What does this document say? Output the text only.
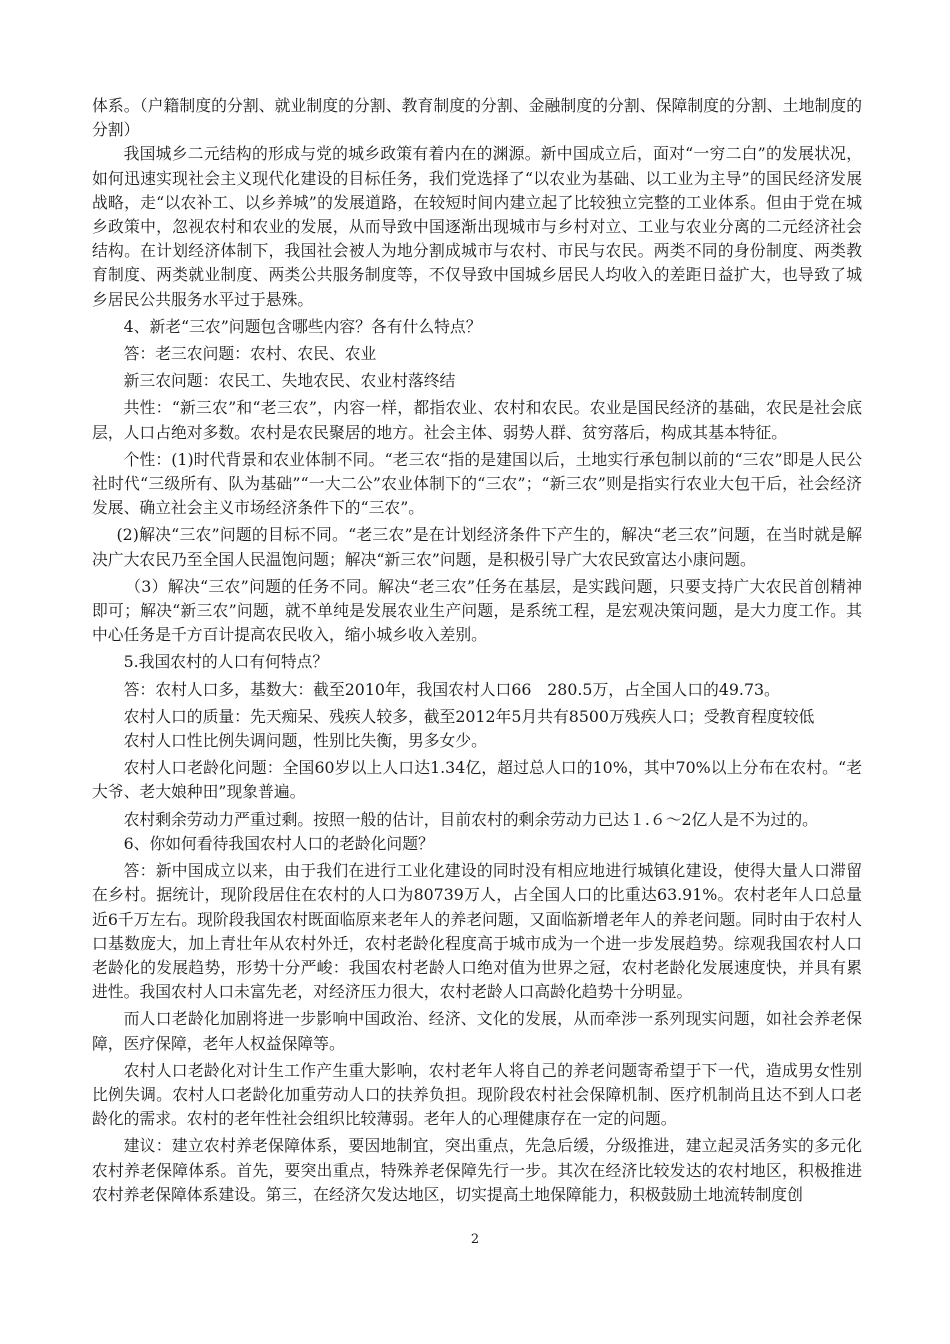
体系。（户籍制度的分割、就业制度的分割、教育制度的分割、金融制度的分割、保障制度的分割、土地制度的分割）

我国城乡二元结构的形成与党的城乡政策有着内在的渊源。新中国成立后，面对“一穷二白”的发展状况，如何迅速实现社会主义现代化建设的目标任务，我们党选择了“以农业为基础、以工业为主导”的国民经济发展战略，走“以农补工、以乡养城”的发展道路，在较短时间内建立起了比较独立完整的工业体系。但由于党在城乡政策中，忽视农村和农业的发展，从而导致中国逐渐出现城市与乡村对立、工业与农业分离的二元经济社会结构。在计划经济体制下，我国社会被人为地分割成城市与农村、市民与农民。两类不同的身份制度、两类教育制度、两类就业制度、两类公共服务制度等，不仅导致中国城乡居民人均收入的差距日益扩大，也导致了城乡居民公共服务水平过于悬殊。

4、新老“三农”问题包含哪些内容？各有什么特点？

答：老三农问题：农村、农民、农业

新三农问题：农民工、失地农民、农业村落终结

共性：“新三农”和“老三农”，内容一样，都指农业、农村和农民。农业是国民经济的基础，农民是社会底层，人口占绝对多数。农村是农民聚居的地方。社会主体、弱势人群、贫穷落后，构成其基本特征。

个性：(1)时代背景和农业体制不同。“老三农“指的是建国以后，土地实行承包制以前的“三农”即是人民公社时代“三级所有、队为基础”“一大二公”农业体制下的“三农”；“新三农”则是指实行农业大包干后，社会经济发展、确立社会主义市场经济条件下的“三农”。

(2)解决“三农”问题的目标不同。“老三农”是在计划经济条件下产生的，解决“老三农”问题，在当时就是解决广大农民乃至全国人民温饱问题；解决“新三农”问题，是积极引导广大农民致富达小康问题。

（3）解决“三农”问题的任务不同。解决“老三农”任务在基层，是实践问题，只要支持广大农民首创精神即可；解决“新三农”问题，就不单纯是发展农业生产问题，是系统工程，是宏观决策问题，是大力度工作。其中心任务是千方百计提高农民收入，缩小城乡收入差别。

5.我国农村的人口有何特点？

答：农村人口多，基数大：截至2010年，我国农村人口66　280.5万，占全国人口的49.73。

农村人口的质量：先天痴呆、残疾人较多，截至2012年5月共有8500万残疾人口；受教育程度较低

农村人口性比例失调问题，性别比失衡，男多女少。

农村人口老龄化问题：全国60岁以上人口达1.34亿，超过总人口的10%，其中70%以上分布在农村。“老大爷、老大娘种田”现象普遍。

农村剩余劳动力严重过剩。按照一般的估计，目前农村的剩余劳动力已达１.６～2亿人是不为过的。

6、你如何看待我国农村人口的老龄化问题？

答：新中国成立以来，由于我们在进行工业化建设的同时没有相应地进行城镇化建设，使得大量人口滞留在乡村。据统计，现阶段居住在农村的人口为80739万人，占全国人口的比重达63.91%。农村老年人口总量近6千万左右。现阶段我国农村既面临原来老年人的养老问题，又面临新增老年人的养老问题。同时由于农村人口基数庞大，加上青壮年从农村外迁，农村老龄化程度高于城市成为一个进一步发展趋势。综观我国农村人口老龄化的发展趋势，形势十分严峻：我国农村老龄人口绝对值为世界之冠，农村老龄化发展速度快，并具有累进性。我国农村人口未富先老，对经济压力很大，农村老龄人口高龄化趋势十分明显。

而人口老龄化加剧将进一步影响中国政治、经济、文化的发展，从而牵涉一系列现实问题，如社会养老保障，医疗保障，老年人权益保障等。

农村人口老龄化对计生工作产生重大影响，农村老年人将自己的养老问题寄希望于下一代，造成男女性别比例失调。农村人口老龄化加重劳动人口的扶养负担。现阶段农村社会保障机制、医疗机制尚且达不到人口老龄化的需求。农村的老年性社会组织比较薄弱。老年人的心理健康存在一定的问题。

建议：建立农村养老保障体系，要因地制宜，突出重点，先急后缓，分级推进，建立起灵活务实的多元化农村养老保障体系。首先，要突出重点，特殊养老保障先行一步。其次在经济比较发达的农村地区，积极推进农村养老保障体系建设。第三，在经济欠发达地区，切实提高土地保障能力，积极鼓励土地流转制度创

2
